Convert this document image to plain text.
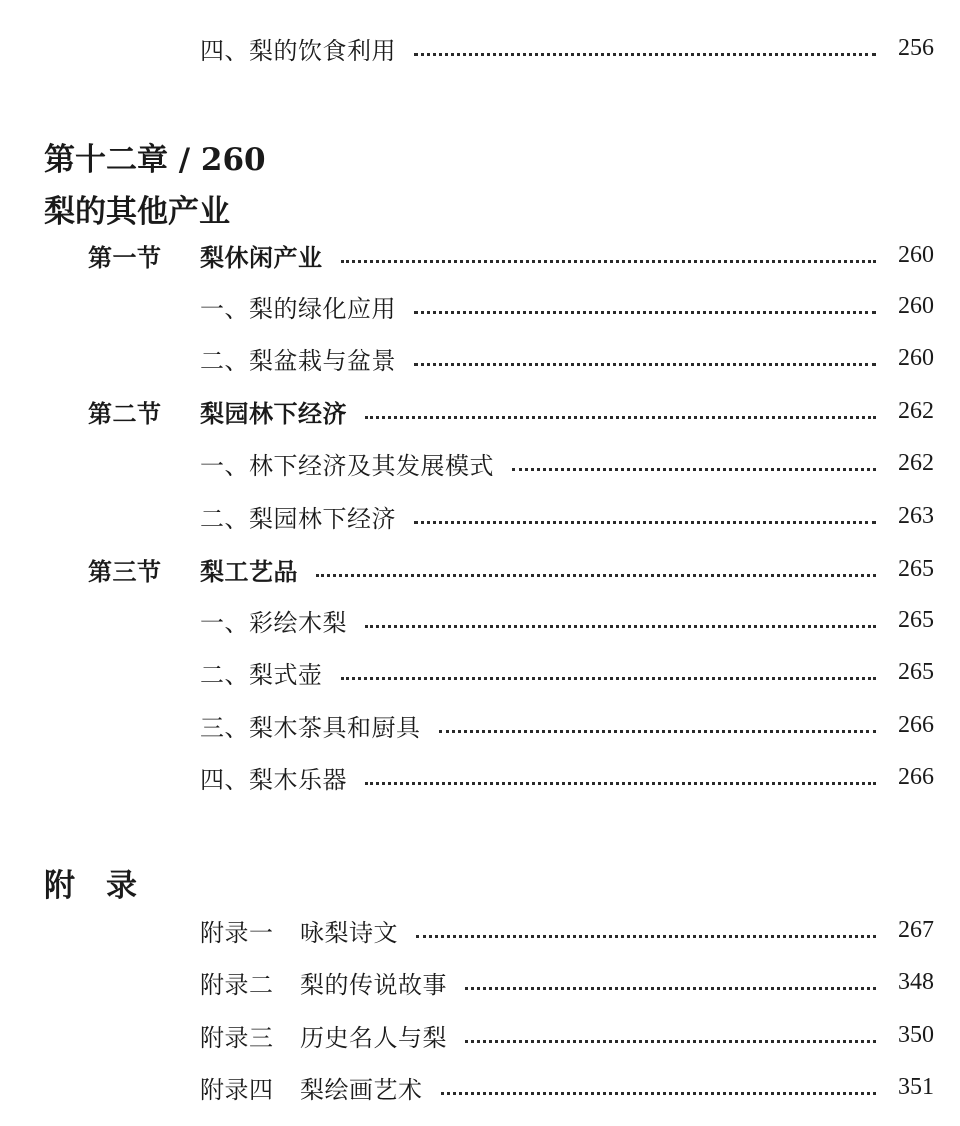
四、梨的饮食利用	256
第十二章 / 260
梨的其他产业
第一节 梨休闲产业	260
一、梨的绿化应用	260
二、梨盆栽与盆景	260
第二节 梨园林下经济	262
一、林下经济及其发展模式	262
二、梨园林下经济	263
第三节 梨工艺品	265
一、彩绘木梨	265
二、梨式壶	265
三、梨木茶具和厨具	266
四、梨木乐器	266
附　录
附录一 咏梨诗文	267
附录二 梨的传说故事	348
附录三 历史名人与梨	350
附录四 梨绘画艺术	351
